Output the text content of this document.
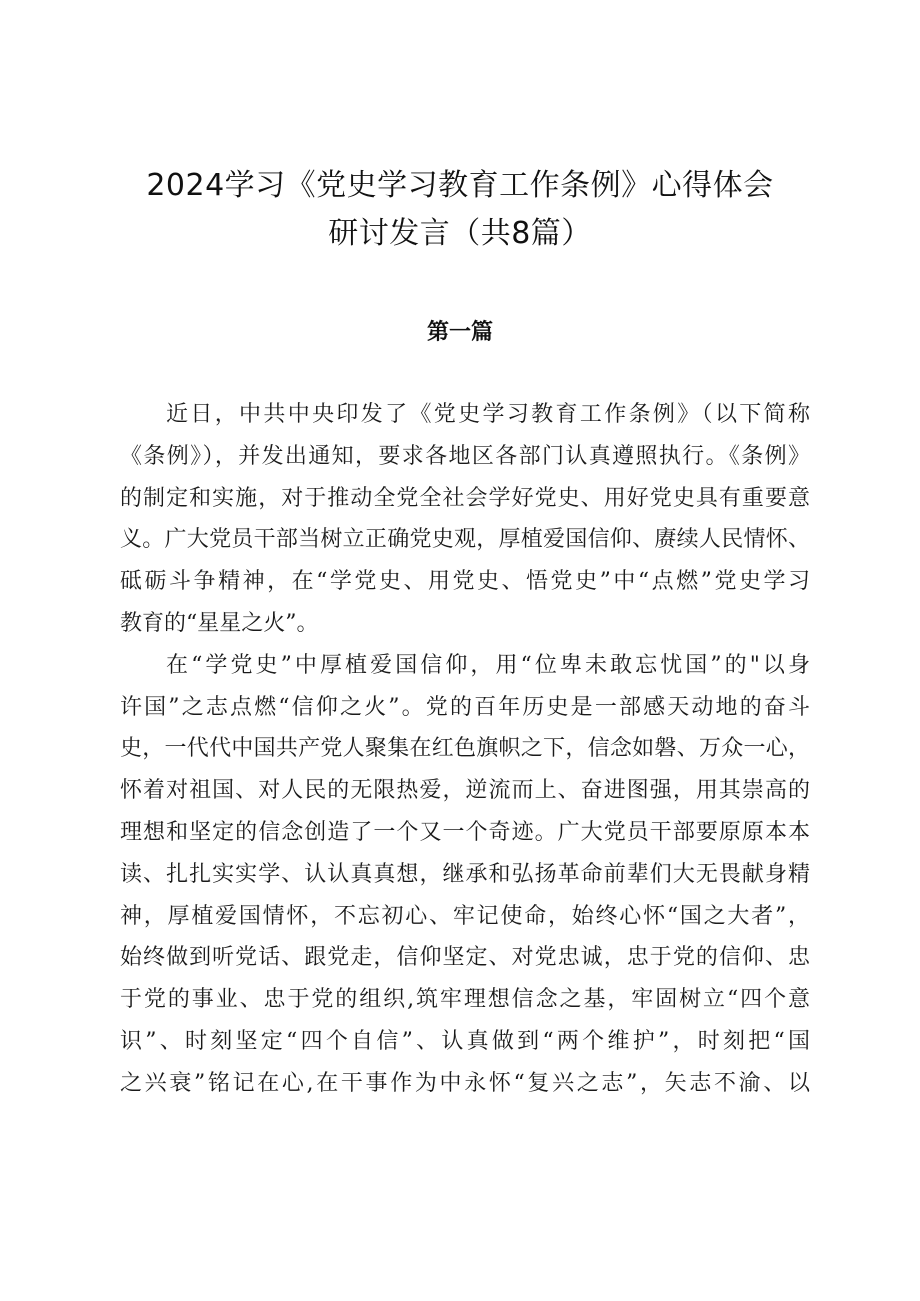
2024学习《党史学习教育工作条例》心得体会
研讨发言（共8篇）
第一篇

近日，中共中央印发了《党史学习教育工作条例》（以下简称
《条例》），并发出通知，要求各地区各部门认真遵照执行。《条例》
的制定和实施，对于推动全党全社会学好党史、用好党史具有重要意
义。广大党员干部当树立正确党史观，厚植爱国信仰、赓续人民情怀、
砥砺斗争精神，在“学党史、用党史、悟党史”中“点燃”党史学习
教育的“星星之火”。

在“学党史”中厚植爱国信仰，用“位卑未敢忘忧国”的"以身
许国”之志点燃“信仰之火”。党的百年历史是一部感天动地的奋斗
史，一代代中国共产党人聚集在红色旗帜之下，信念如磐、万众一心，
怀着对祖国、对人民的无限热爱，逆流而上、奋进图强，用其崇高的
理想和坚定的信念创造了一个又一个奇迹。广大党员干部要原原本本
读、扎扎实实学、认认真真想，继承和弘扬革命前辈们大无畏献身精
神，厚植爱国情怀，不忘初心、牢记使命，始终心怀“国之大者”，
始终做到听党话、跟党走，信仰坚定、对党忠诚，忠于党的信仰、忠
于党的事业、忠于党的组织,筑牢理想信念之基，牢固树立“四个意
识”、时刻坚定“四个自信”、认真做到“两个维护”，时刻把“国
之兴衰”铭记在心,在干事作为中永怀“复兴之志”，矢志不渝、以
